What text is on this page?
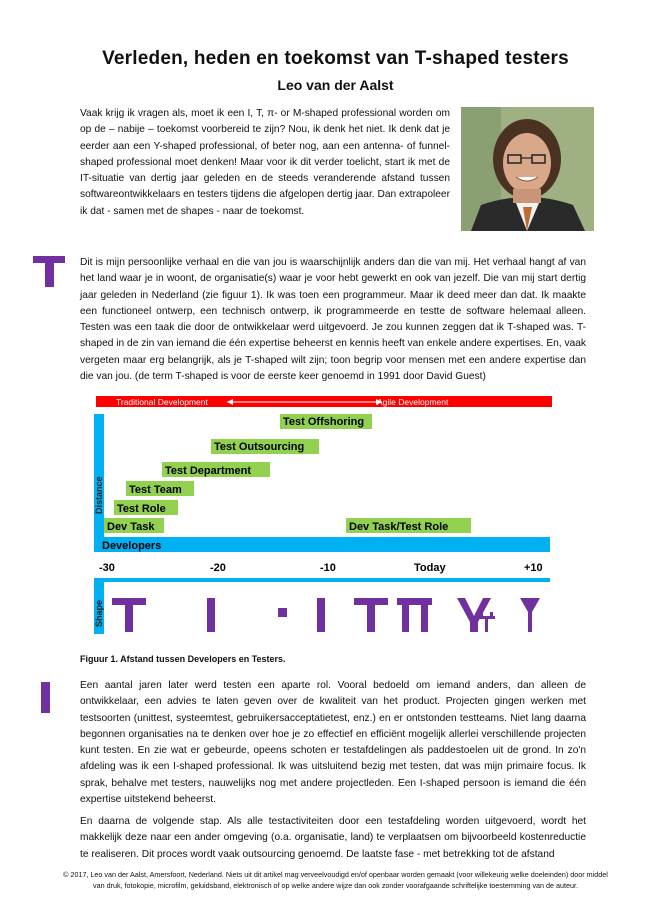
Verleden, heden en toekomst van T-shaped testers
Leo van der Aalst
Vaak krijg ik vragen als, moet ik een I, T, π- or M-shaped professional worden om op de – nabije – toekomst voorbereid te zijn? Nou, ik denk het niet. Ik denk dat je eerder aan een Y-shaped professional, of beter nog, aan een antenna- of funnel-shaped professional moet denken! Maar voor ik dit verder toelicht, start ik met de IT-situatie van dertig jaar geleden en de steeds veranderende afstand tussen softwareontwikkelaars en testers tijdens die afgelopen dertig jaar. Dan extrapoleer ik dat - samen met de shapes - naar de toekomst.
Dit is mijn persoonlijke verhaal en die van jou is waarschijnlijk anders dan die van mij. Het verhaal hangt af van het land waar je in woont, de organisatie(s) waar je voor hebt gewerkt en ook van jezelf. Die van mij start dertig jaar geleden in Nederland (zie figuur 1). Ik was toen een programmeur. Maar ik deed meer dan dat. Ik maakte een functioneel ontwerp, een technisch ontwerp, ik programmeerde en testte de software helemaal alleen. Testen was een taak die door de ontwikkelaar werd uitgevoerd. Je zou kunnen zeggen dat ik T-shaped was. T-shaped in de zin van iemand die één expertise beheerst en kennis heeft van enkele andere expertises. En, vaak vergeten maar erg belangrijk, als je T-shaped wilt zijn; toon begrip voor mensen met een andere expertise dan die van jou. (de term T-shaped is voor de eerste keer genoemd in 1991 door David Guest)
Traditional Development	Agile Development
Distance
Test Offshoring
Test Outsourcing
Test Department
Test Team
Test Role
Dev Task	Dev Task/Test Role
Developers
-30	-20	-10	Today	+10
Shape
Figuur 1. Afstand tussen Developers en Testers.
Een aantal jaren later werd testen een aparte rol. Vooral bedoeld om iemand anders, dan alleen de ontwikkelaar, een advies te laten geven over de kwaliteit van het product. Projecten gingen werken met testsoorten (unittest, systeemtest, gebruikersacceptatietest, enz.) en er ontstonden testteams. Niet lang daarna begonnen organisaties na te denken over hoe je zo effectief en efficiënt mogelijk allerlei verschillende projecten kunt testen. En zie wat er gebeurde, opeens schoten er testafdelingen als paddestoelen uit de grond. In zo'n afdeling was ik een I-shaped professional. Ik was uitsluitend bezig met testen, dat was mijn primaire focus. Ik sprak, behalve met testers, nauwelijks nog met andere projectleden. Een I-shaped persoon is iemand die één expertise uitstekend beheerst.
En daarna de volgende stap. Als alle testactiviteiten door een testafdeling worden uitgevoerd, wordt het makkelijk deze naar een ander omgeving (o.a. organisatie, land) te verplaatsen om bijvoorbeeld kostenreductie te realiseren. Dit proces wordt vaak outsourcing genoemd. De laatste fase - met betrekking tot de afstand
© 2017, Leo van der Aalst, Amersfoort, Nederland. Niets uit dit artikel mag verveelvoudigd en/of openbaar worden gemaakt (voor willekeurig welke doeleinden) door middel van druk, fotokopie, microfilm, geluidsband, elektronisch of op welke andere wijze dan ook zonder voorafgaande schriftelijke toestemming van de auteur.
